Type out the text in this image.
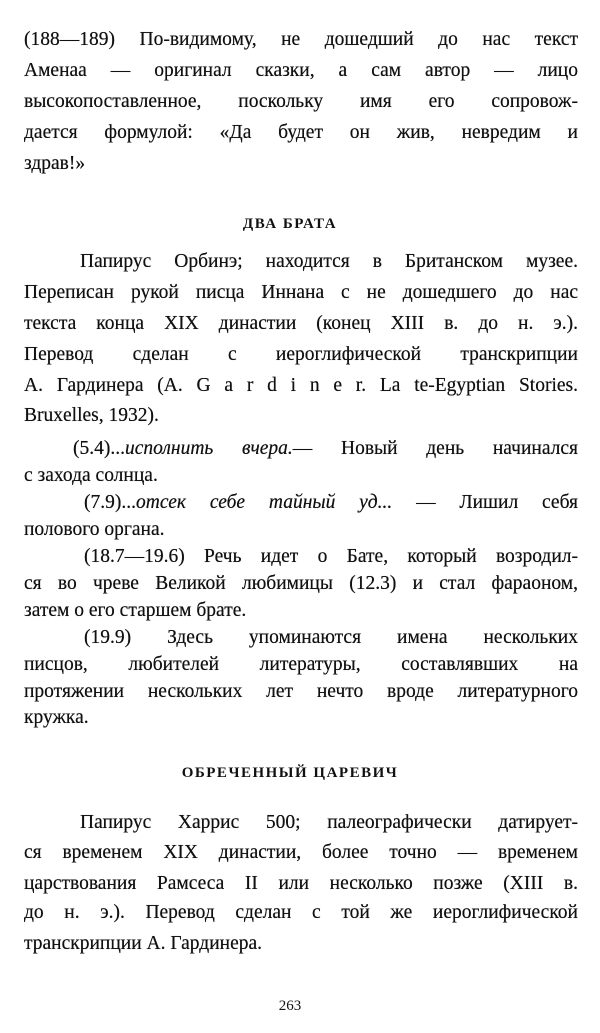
ДВА БРАТА
ОБРЕЧЕННЫЙ ЦАРЕВИЧ
263
(188—189) По-видимому, не дошедший до нас текст
Аменаа — оригинал сказки, а сам автор — лицо
высокопоставленное, поскольку имя его сопровож-
дается формулой: «Да будет он жив, невредим и
здрав!»
Папирус Орбинэ; находится в Британском музее.
Переписан рукой писца Иннана с не дошедшего до нас
текста конца XIX династии (конец XIII в. до н. э.).
Перевод сделан с иероглифической транскрипции
А. Гардинера (A. G a r d i n e r. La te-Egyptian Stories.
Bruxelles, 1932).
(5.4)...исполнить вчера.— Новый день начинался
с захода солнца.
(7.9)...отсек себе тайный уд... — Лишил себя
полового органа.
(18.7—19.6) Речь идет о Бате, который возродил-
ся во чреве Великой любимицы (12.3) и стал фараоном,
затем о его старшем брате.
(19.9) Здесь упоминаются имена нескольких
писцов, любителей литературы, составлявших на
протяжении нескольких лет нечто вроде литературного
кружка.
Папирус Харрис 500; палеографически датирует-
ся временем XIX династии, более точно — временем
царствования Рамсеса II или несколько позже (XIII в.
до н. э.). Перевод сделан с той же иероглифической
транскрипции А. Гардинера.
